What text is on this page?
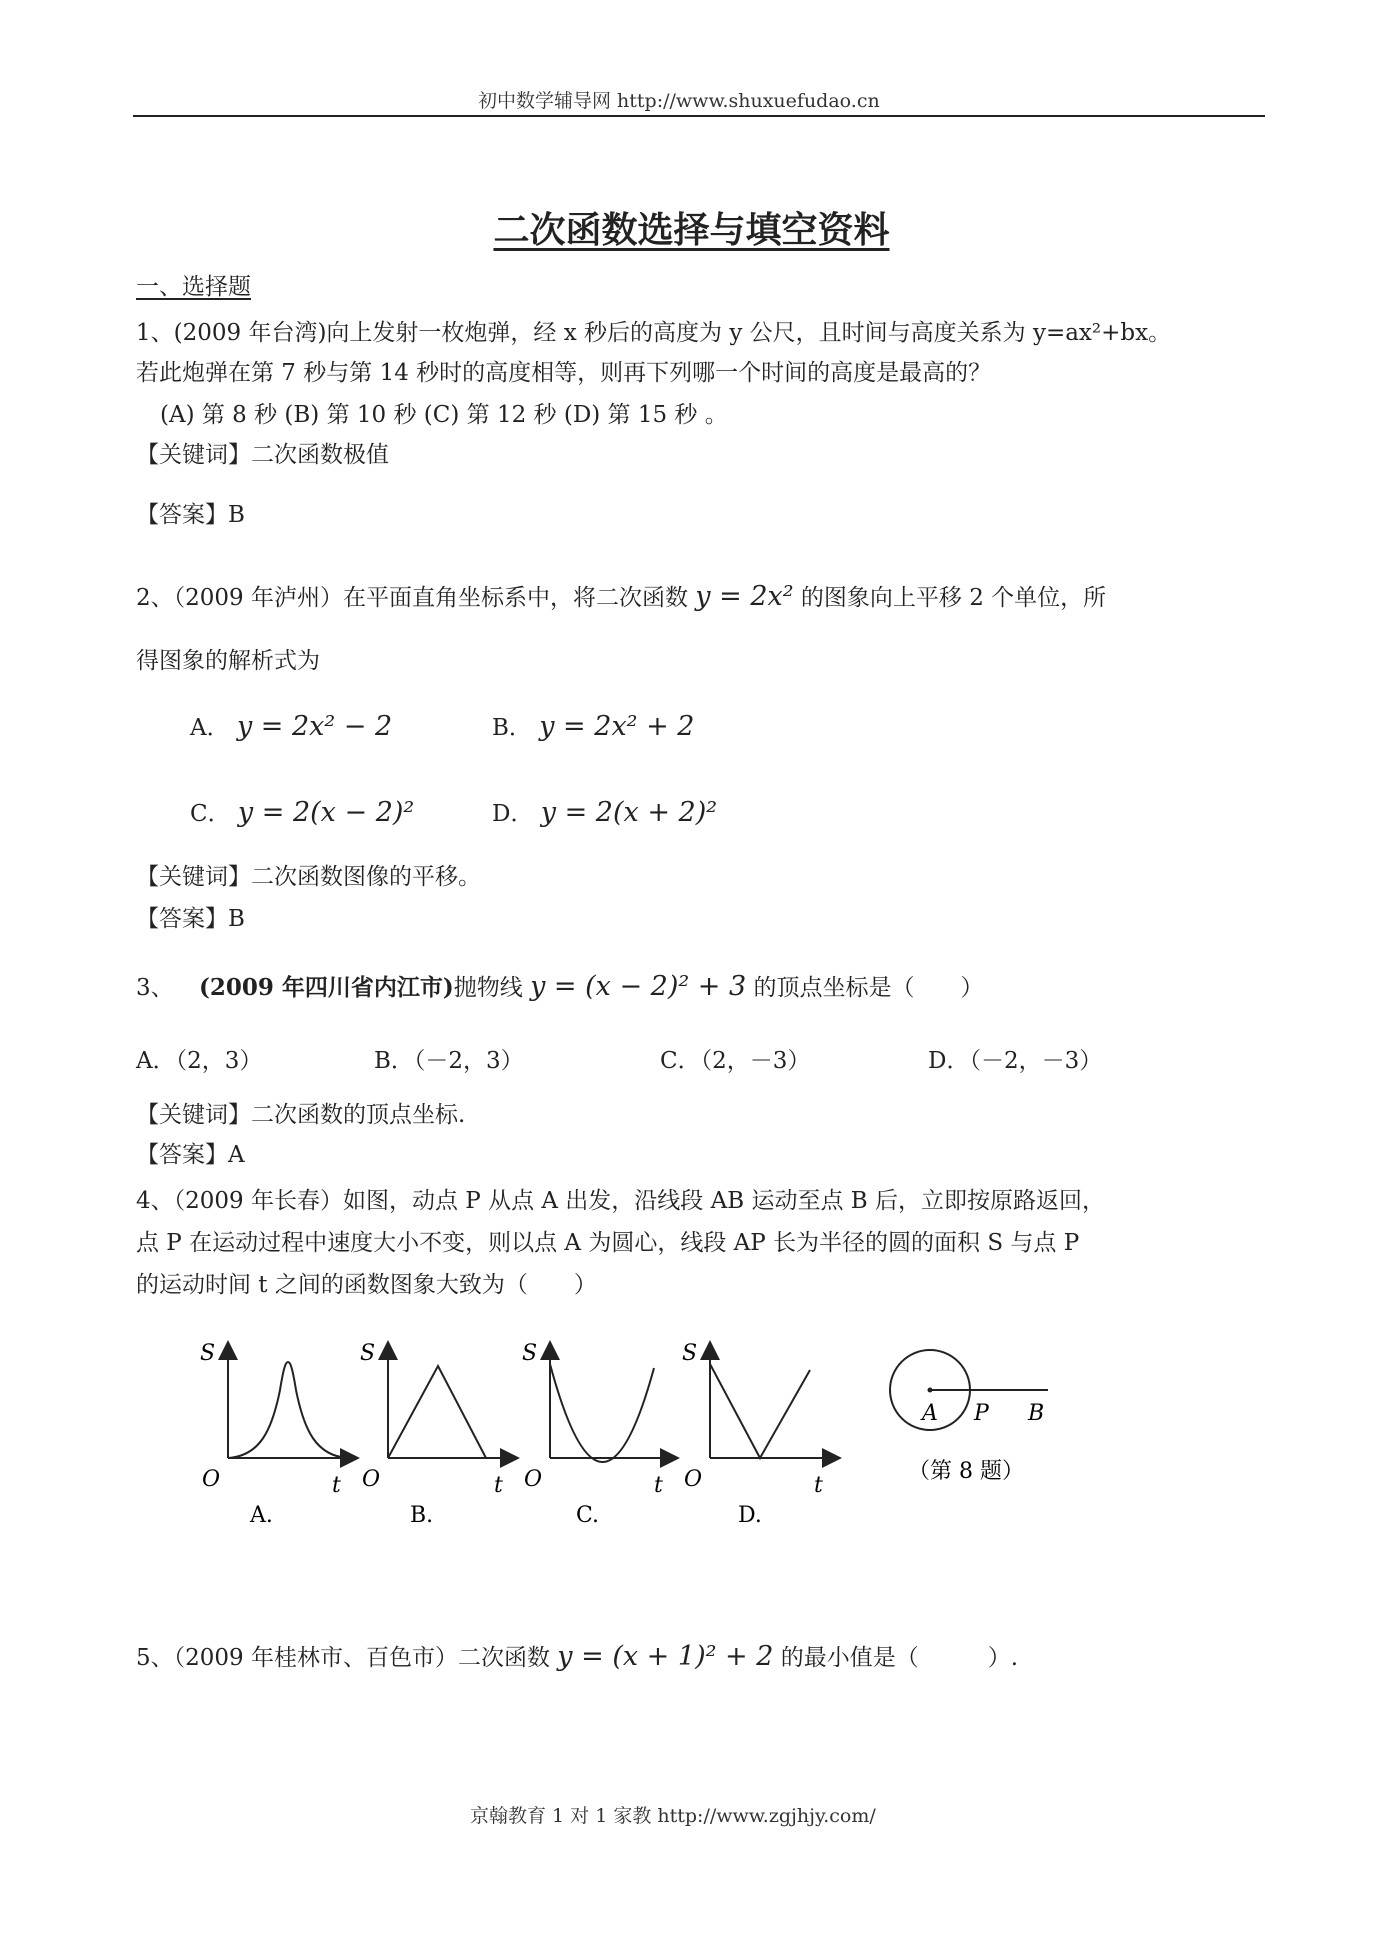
初中数学辅导网 http://www.shuxuefudao.cn
二次函数选择与填空资料
一、选择题
1、(2009 年台湾)向上发射一枚炮弹，经 x 秒后的高度为 y 公尺，且时间与高度关系为 y=ax²+bx。
若此炮弹在第 7 秒与第 14 秒时的高度相等，则再下列哪一个时间的高度是最高的？
(A) 第 8 秒 (B) 第 10 秒 (C) 第 12 秒 (D) 第 15 秒 。
【关键词】二次函数极值
【答案】B
2、（2009 年泸州）在平面直角坐标系中，将二次函数 y = 2x² 的图象向上平移 2 个单位，所
得图象的解析式为
A． y = 2x² − 2	B． y = 2x² + 2
C． y = 2(x − 2)²	D． y = 2(x + 2)²
【关键词】二次函数图像的平移。
【答案】B
3、 (2009 年四川省内江市)抛物线 y = (x − 2)² + 3 的顶点坐标是（　　）
A．（2，3）	B．（－2，3）	C．（2，－3）	D．（－2，－3）
【关键词】二次函数的顶点坐标.
【答案】A
4、（2009 年长春）如图，动点 P 从点 A 出发，沿线段 AB 运动至点 B 后，立即按原路返回，
点 P 在运动过程中速度大小不变，则以点 A 为圆心，线段 AP 长为半径的圆的面积 S 与点 P
的运动时间 t 之间的函数图象大致为（　　）
S
O	t
A.
S
O	t
B.
S
O	t
C.
S
O	t
D.
A P B
（第 8 题）
5、（2009 年桂林市、百色市）二次函数 y = (x + 1)² + 2 的最小值是（　　　）.
京翰教育 1 对 1 家教 http://www.zgjhjy.com/
